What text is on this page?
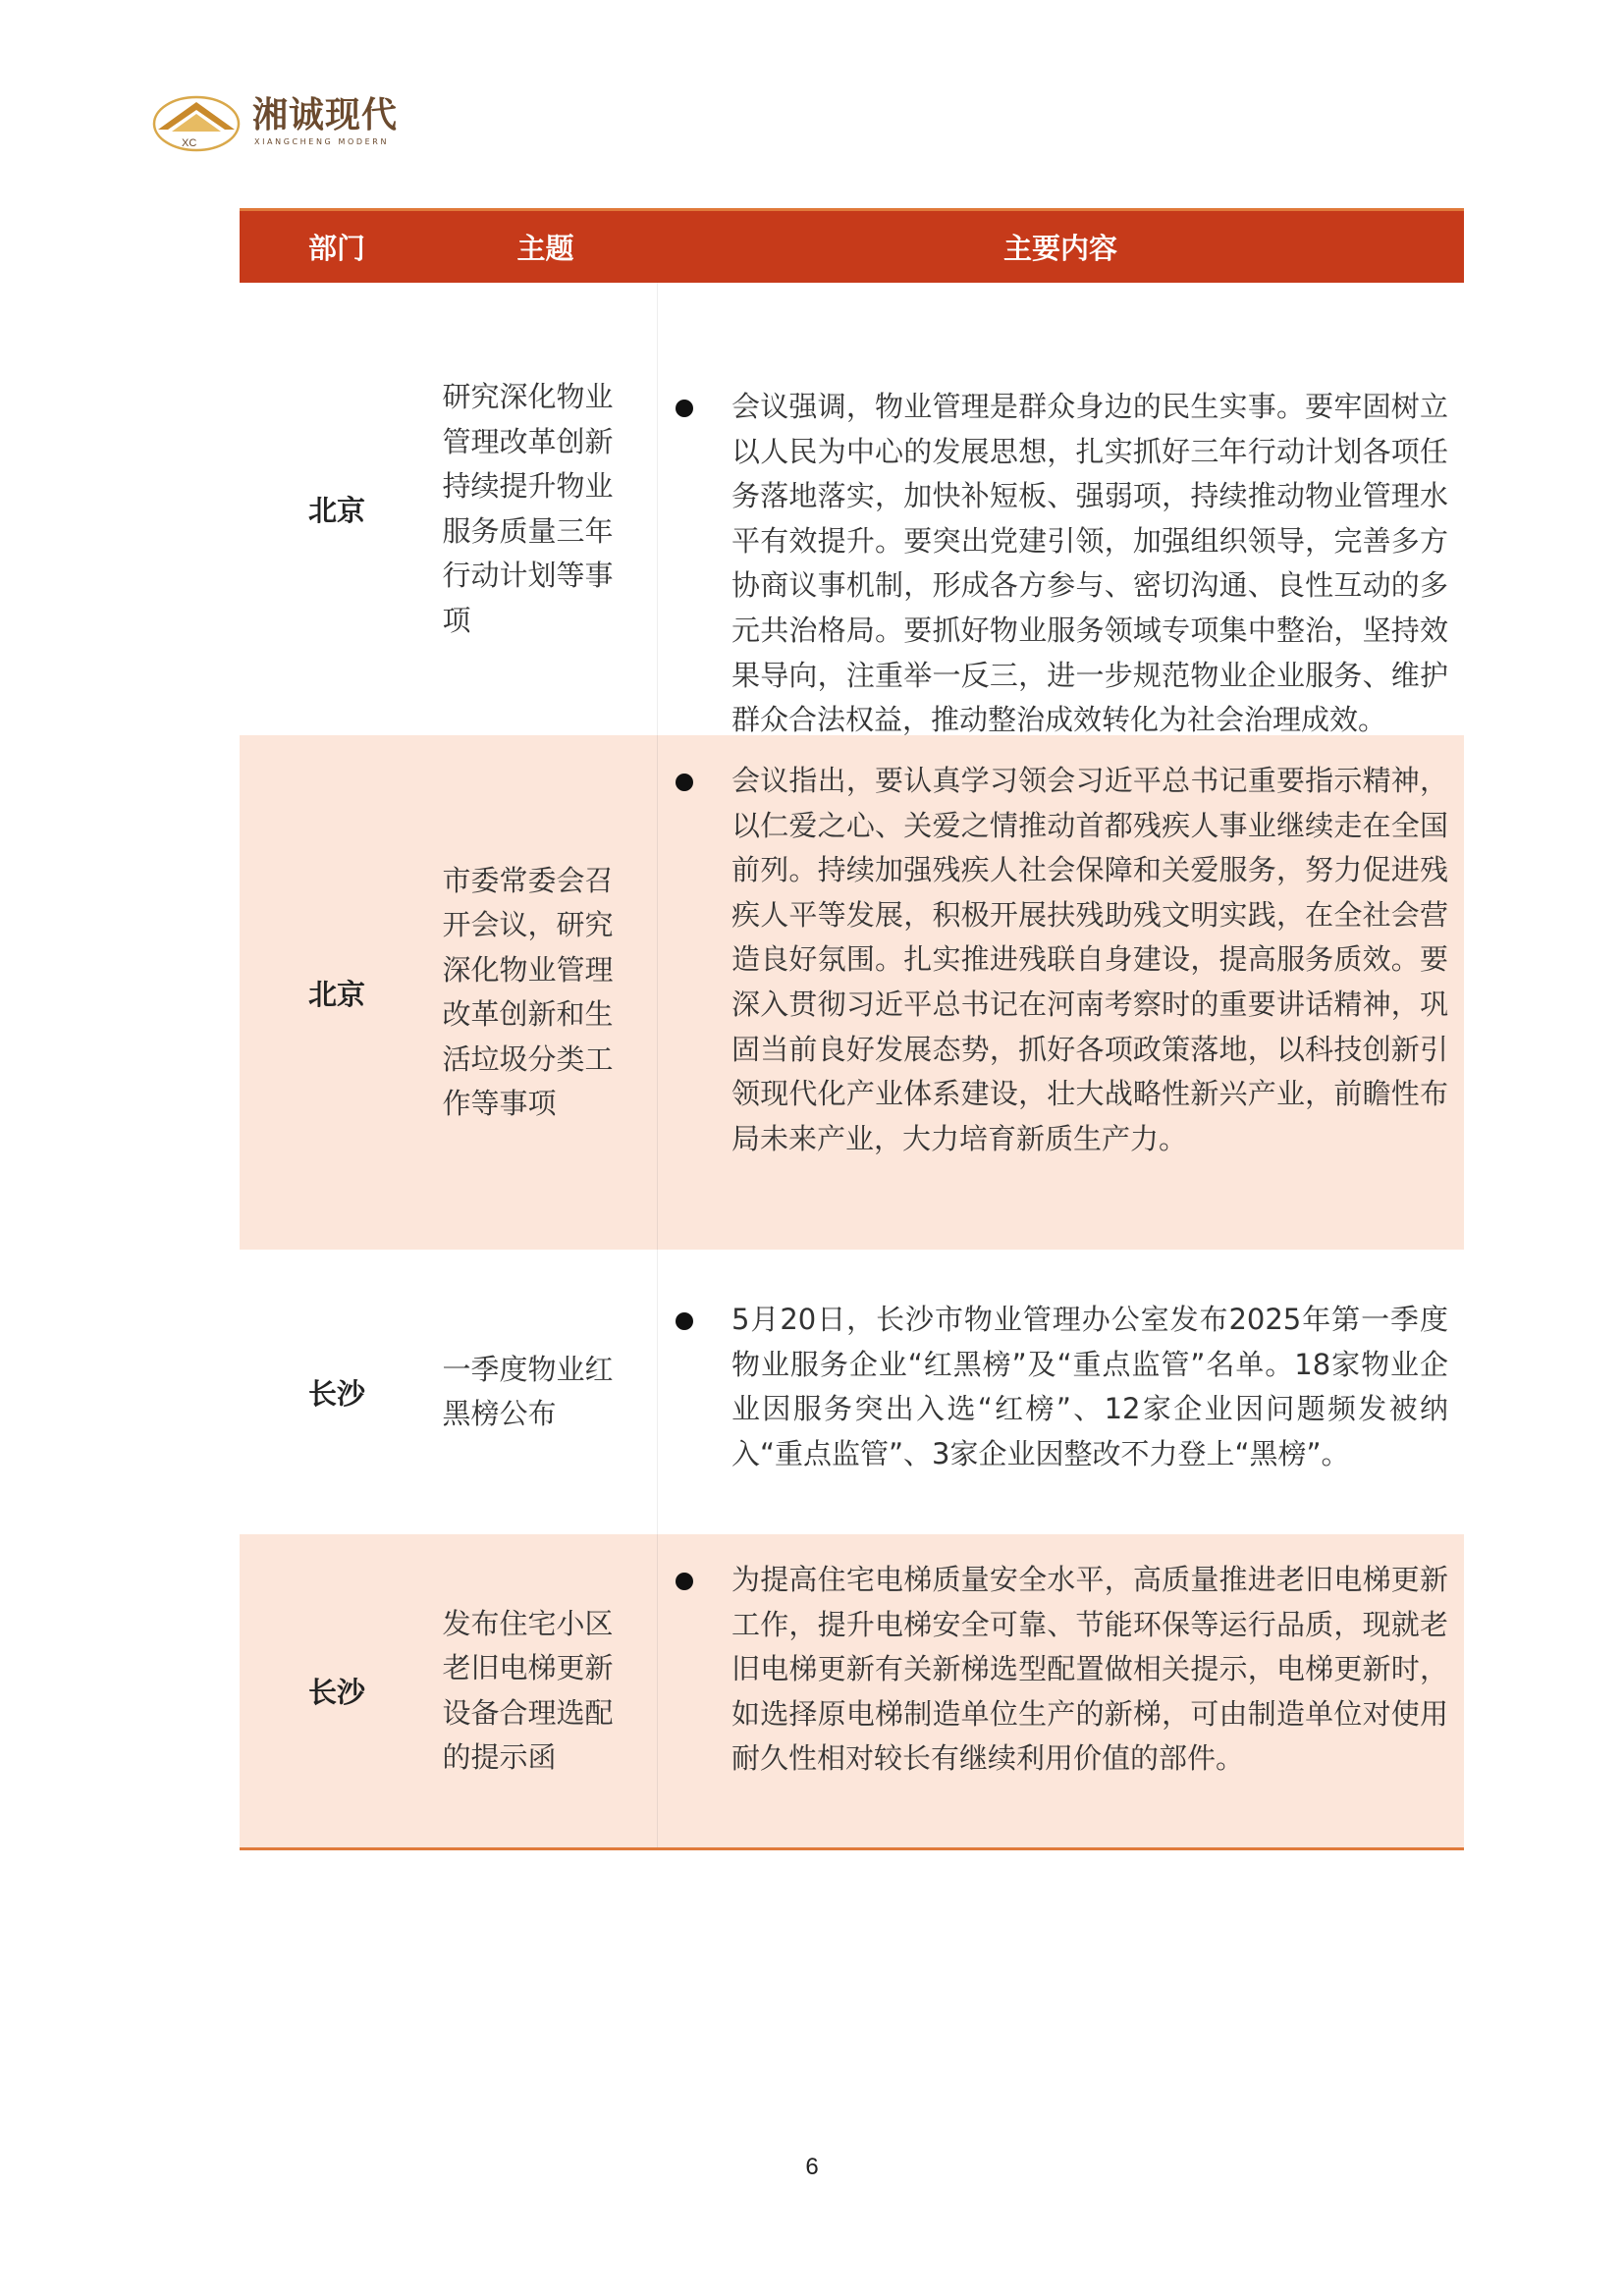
XC
湘诚现代
XIANGCHENG MODERN
部门	主题	主要内容
北京
研究深化物业管理改革创新持续提升物业服务质量三年行动计划等事项
会议强调，物业管理是群众身边的民生实事。要牢固树立以人民为中心的发展思想，扎实抓好三年行动计划各项任务落地落实，加快补短板、强弱项，持续推动物业管理水平有效提升。要突出党建引领，加强组织领导，完善多方协商议事机制，形成各方参与、密切沟通、良性互动的多元共治格局。要抓好物业服务领域专项集中整治，坚持效果导向，注重举一反三，进一步规范物业企业服务、维护群众合法权益，推动整治成效转化为社会治理成效。
北京
市委常委会召开会议，研究深化物业管理改革创新和生活垃圾分类工作等事项
会议指出，要认真学习领会习近平总书记重要指示精神，以仁爱之心、关爱之情推动首都残疾人事业继续走在全国前列。持续加强残疾人社会保障和关爱服务，努力促进残疾人平等发展，积极开展扶残助残文明实践，在全社会营造良好氛围。扎实推进残联自身建设，提高服务质效。要深入贯彻习近平总书记在河南考察时的重要讲话精神，巩固当前良好发展态势，抓好各项政策落地，以科技创新引领现代化产业体系建设，壮大战略性新兴产业，前瞻性布局未来产业，大力培育新质生产力。
长沙
一季度物业红黑榜公布
5月20日，长沙市物业管理办公室发布2025年第一季度物业服务企业“红黑榜”及“重点监管”名单。18家物业企业因服务突出入选“红榜”、12家企业因问题频发被纳入“重点监管”、3家企业因整改不力登上“黑榜”。
长沙
发布住宅小区老旧电梯更新设备合理选配的提示函
为提高住宅电梯质量安全水平，高质量推进老旧电梯更新工作，提升电梯安全可靠、节能环保等运行品质，现就老旧电梯更新有关新梯选型配置做相关提示，电梯更新时，如选择原电梯制造单位生产的新梯，可由制造单位对使用耐久性相对较长有继续利用价值的部件。
6
